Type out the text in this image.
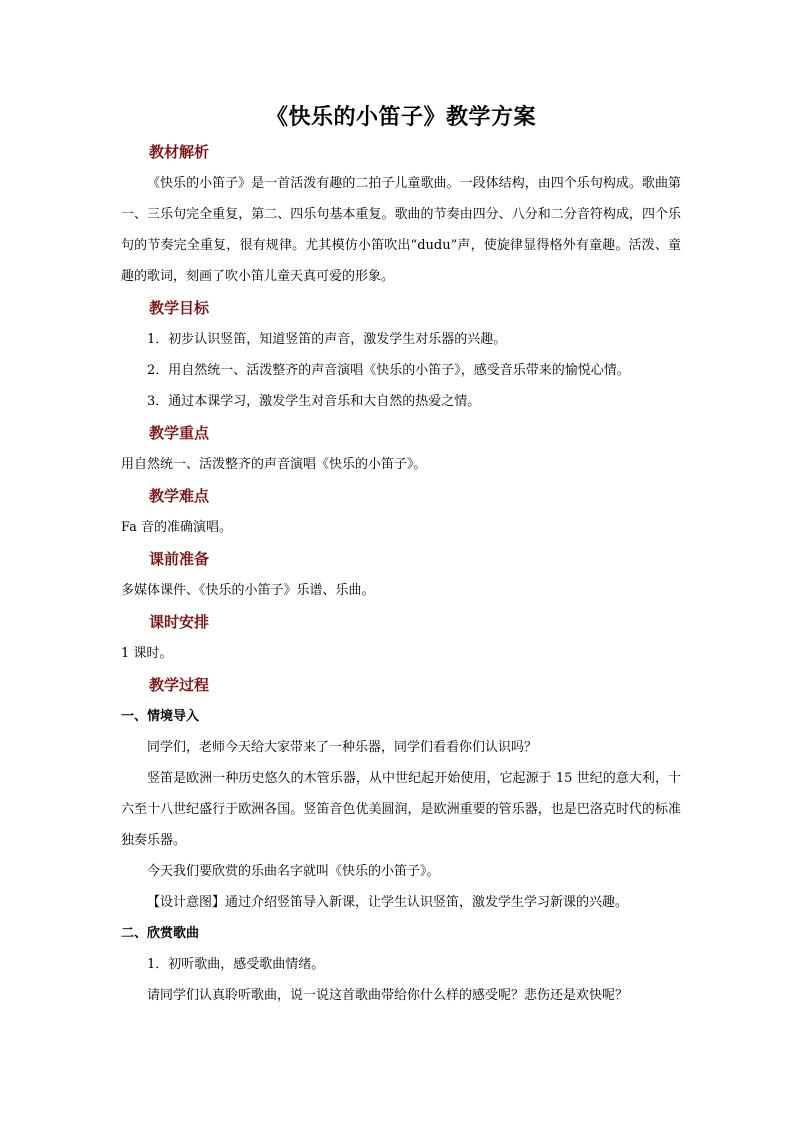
《快乐的小笛子》教学方案
教材解析

《快乐的小笛子》是一首活泼有趣的二拍子儿童歌曲。一段体结构，由四个乐句构成。歌曲第一、三乐句完全重复，第二、四乐句基本重复。歌曲的节奏由四分、八分和二分音符构成，四个乐句的节奏完全重复，很有规律。尤其模仿小笛吹出“dudu”声，使旋律显得格外有童趣。活泼、童趣的歌词，刻画了吹小笛儿童天真可爱的形象。

教学目标

1．初步认识竖笛，知道竖笛的声音，激发学生对乐器的兴趣。

2．用自然统一、活泼整齐的声音演唱《快乐的小笛子》，感受音乐带来的愉悦心情。

3．通过本课学习，激发学生对音乐和大自然的热爱之情。

教学重点

用自然统一、活泼整齐的声音演唱《快乐的小笛子》。

教学难点

Fa 音的准确演唱。

课前准备

多媒体课件、《快乐的小笛子》乐谱、乐曲。

课时安排

1 课时。

教学过程
一、情境导入

同学们，老师今天给大家带来了一种乐器，同学们看看你们认识吗？

竖笛是欧洲一种历史悠久的木管乐器，从中世纪起开始使用，它起源于 15 世纪的意大利，十六至十八世纪盛行于欧洲各国。竖笛音色优美圆润，是欧洲重要的管乐器，也是巴洛克时代的标准独奏乐器。

今天我们要欣赏的乐曲名字就叫《快乐的小笛子》。

【设计意图】通过介绍竖笛导入新课，让学生认识竖笛，激发学生学习新课的兴趣。

二、欣赏歌曲

1．初听歌曲，感受歌曲情绪。

请同学们认真聆听歌曲，说一说这首歌曲带给你什么样的感受呢？悲伤还是欢快呢？
